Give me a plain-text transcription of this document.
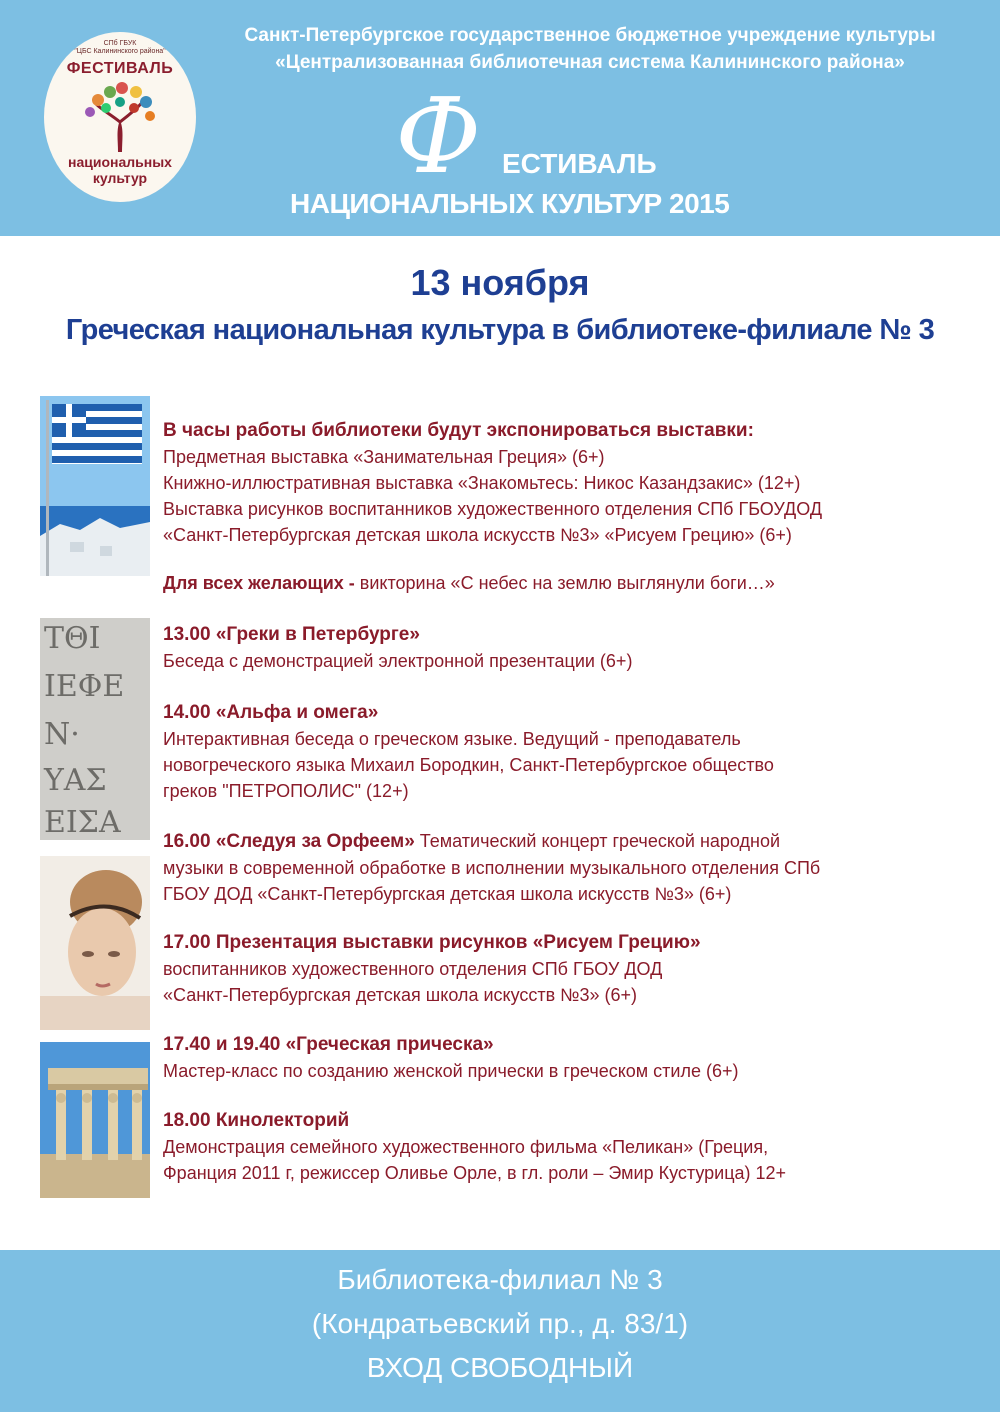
СПб ГБУК
"ЦБС Калининского района"
ФЕСТИВАЛЬ
национальных
культур
Санкт-Петербургское государственное бюджетное учреждение культуры
«Централизованная библиотечная система Калининского района»
Ф ЕСТИВАЛЬ
НАЦИОНАЛЬНЫХ КУЛЬТУР 2015
13 ноября
Греческая национальная культура в библиотеке-филиале № 3
ΤΘΙ
ΙΕΦΕ
Ν·
ΥΑΣ
ΕΙΣΑ

В часы работы библиотеки будут экспонироваться выставки:

Предметная выставка «Занимательная Греция» (6+)

Книжно-иллюстративная выставка «Знакомьтесь: Никос Казандзакис» (12+)

Выставка рисунков воспитанников художественного отделения СПб ГБОУДОД

«Санкт-Петербургская детская школа искусств №3» «Рисуем Грецию» (6+)

Для всех желающих - викторина «С небес на землю выглянули боги…»

13.00 «Греки в Петербурге»

Беседа с демонстрацией электронной презентации (6+)

14.00 «Альфа и омега»

Интерактивная беседа о греческом языке. Ведущий - преподаватель

новогреческого языка Михаил Бородкин, Санкт-Петербургское общество

греков "ПЕТРОПОЛИС" (12+)

16.00 «Следуя за Орфеем» Тематический концерт греческой народной

музыки в современной обработке в исполнении музыкального отделения СПб

ГБОУ ДОД «Санкт-Петербургская детская школа искусств №3» (6+)

17.00 Презентация выставки рисунков «Рисуем Грецию»

воспитанников художественного отделения СПб ГБОУ ДОД

«Санкт-Петербургская детская школа искусств №3» (6+)

17.40 и 19.40 «Греческая прическа»

Мастер-класс по созданию женской прически в греческом стиле (6+)

18.00 Кинолекторий

Демонстрация семейного художественного фильма «Пеликан» (Греция,

Франция 2011 г, режиссер Оливье Орле, в гл. роли – Эмир Кустурица) 12+

Библиотека-филиал № 3
(Кондратьевский пр., д. 83/1)
ВХОД СВОБОДНЫЙ
